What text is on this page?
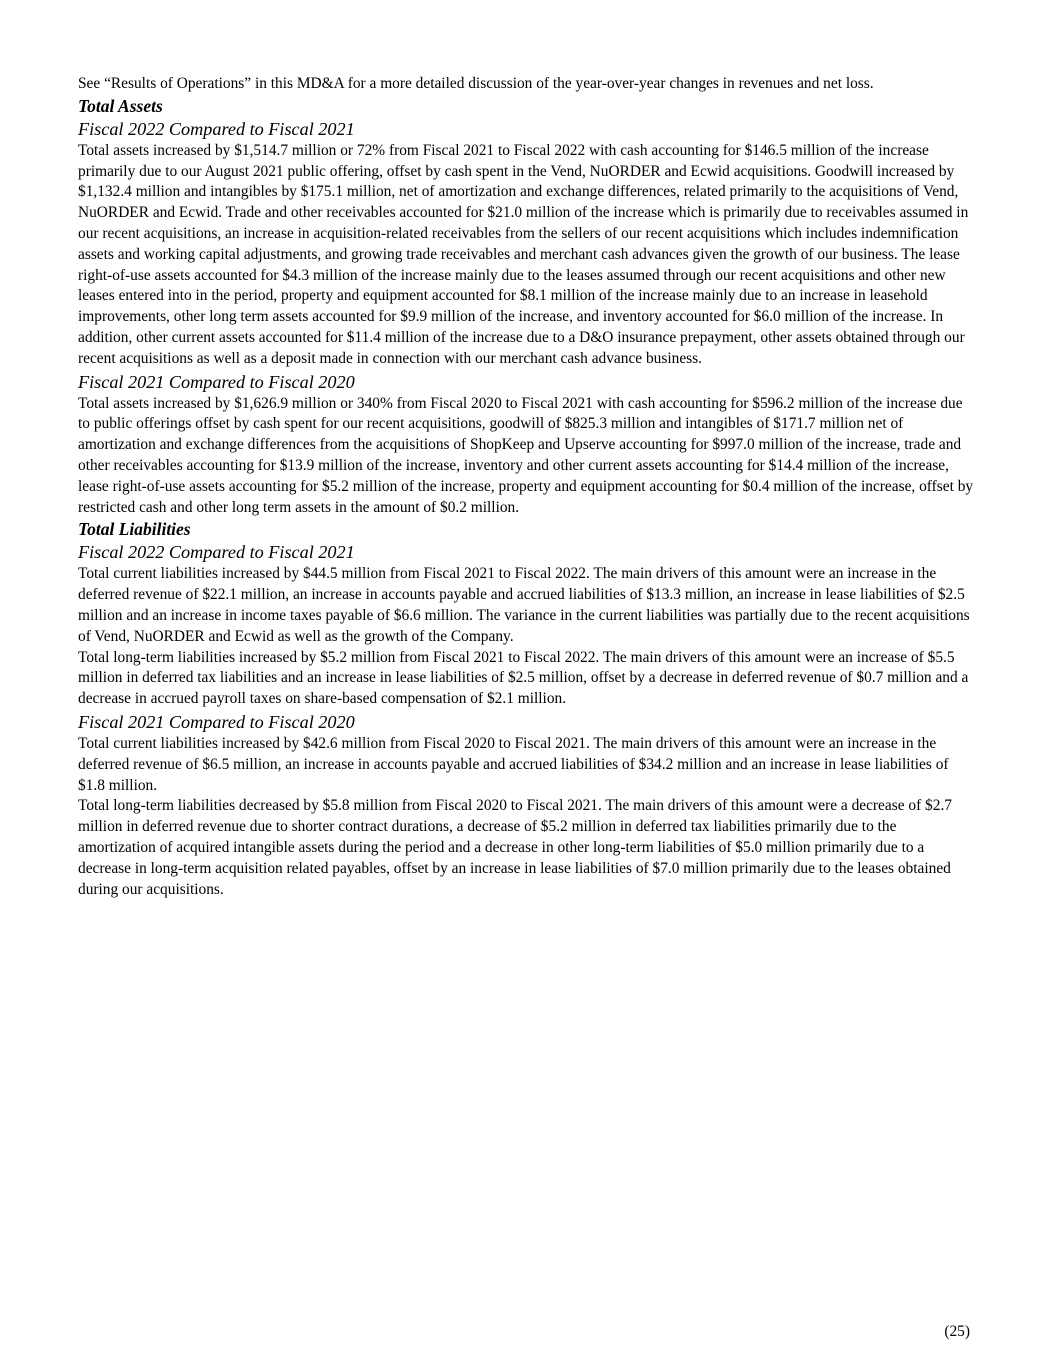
See “Results of Operations” in this MD&A for a more detailed discussion of the year-over-year changes in revenues and net loss.

Total Assets
Fiscal 2022 Compared to Fiscal 2021

Total assets increased by $1,514.7 million or 72% from Fiscal 2021 to Fiscal 2022 with cash accounting for $146.5 million of the increase primarily due to our August 2021 public offering, offset by cash spent in the Vend, NuORDER and Ecwid acquisitions. Goodwill increased by $1,132.4 million and intangibles by $175.1 million, net of amortization and exchange differences, related primarily to the acquisitions of Vend, NuORDER and Ecwid. Trade and other receivables accounted for $21.0 million of the increase which is primarily due to receivables assumed in our recent acquisitions, an increase in acquisition-related receivables from the sellers of our recent acquisitions which includes indemnification assets and working capital adjustments, and growing trade receivables and merchant cash advances given the growth of our business. The lease right-of-use assets accounted for $4.3 million of the increase mainly due to the leases assumed through our recent acquisitions and other new leases entered into in the period, property and equipment accounted for $8.1 million of the increase mainly due to an increase in leasehold improvements, other long term assets accounted for $9.9 million of the increase, and inventory accounted for $6.0 million of the increase. In addition, other current assets accounted for $11.4 million of the increase due to a D&O insurance prepayment, other assets obtained through our recent acquisitions as well as a deposit made in connection with our merchant cash advance business.

Fiscal 2021 Compared to Fiscal 2020

Total assets increased by $1,626.9 million or 340% from Fiscal 2020 to Fiscal 2021 with cash accounting for $596.2 million of the increase due to public offerings offset by cash spent for our recent acquisitions, goodwill of $825.3 million and intangibles of $171.7 million net of amortization and exchange differences from the acquisitions of ShopKeep and Upserve accounting for $997.0 million of the increase, trade and other receivables accounting for $13.9 million of the increase, inventory and other current assets accounting for $14.4 million of the increase, lease right-of-use assets accounting for $5.2 million of the increase, property and equipment accounting for $0.4 million of the increase, offset by restricted cash and other long term assets in the amount of $0.2 million.

Total Liabilities
Fiscal 2022 Compared to Fiscal 2021

Total current liabilities increased by $44.5 million from Fiscal 2021 to Fiscal 2022. The main drivers of this amount were an increase in the deferred revenue of $22.1 million, an increase in accounts payable and accrued liabilities of $13.3 million, an increase in lease liabilities of $2.5 million and an increase in income taxes payable of $6.6 million. The variance in the current liabilities was partially due to the recent acquisitions of Vend, NuORDER and Ecwid as well as the growth of the Company.

Total long-term liabilities increased by $5.2 million from Fiscal 2021 to Fiscal 2022. The main drivers of this amount were an increase of $5.5 million in deferred tax liabilities and an increase in lease liabilities of $2.5 million, offset by a decrease in deferred revenue of $0.7 million and a decrease in accrued payroll taxes on share-based compensation of $2.1 million.

Fiscal 2021 Compared to Fiscal 2020

Total current liabilities increased by $42.6 million from Fiscal 2020 to Fiscal 2021. The main drivers of this amount were an increase in the deferred revenue of $6.5 million, an increase in accounts payable and accrued liabilities of $34.2 million and an increase in lease liabilities of $1.8 million.

Total long-term liabilities decreased by $5.8 million from Fiscal 2020 to Fiscal 2021. The main drivers of this amount were a decrease of $2.7 million in deferred revenue due to shorter contract durations, a decrease of $5.2 million in deferred tax liabilities primarily due to the amortization of acquired intangible assets during the period and a decrease in other long-term liabilities of $5.0 million primarily due to a decrease in long-term acquisition related payables, offset by an increase in lease liabilities of $7.0 million primarily due to the leases obtained during our acquisitions.

(25)
